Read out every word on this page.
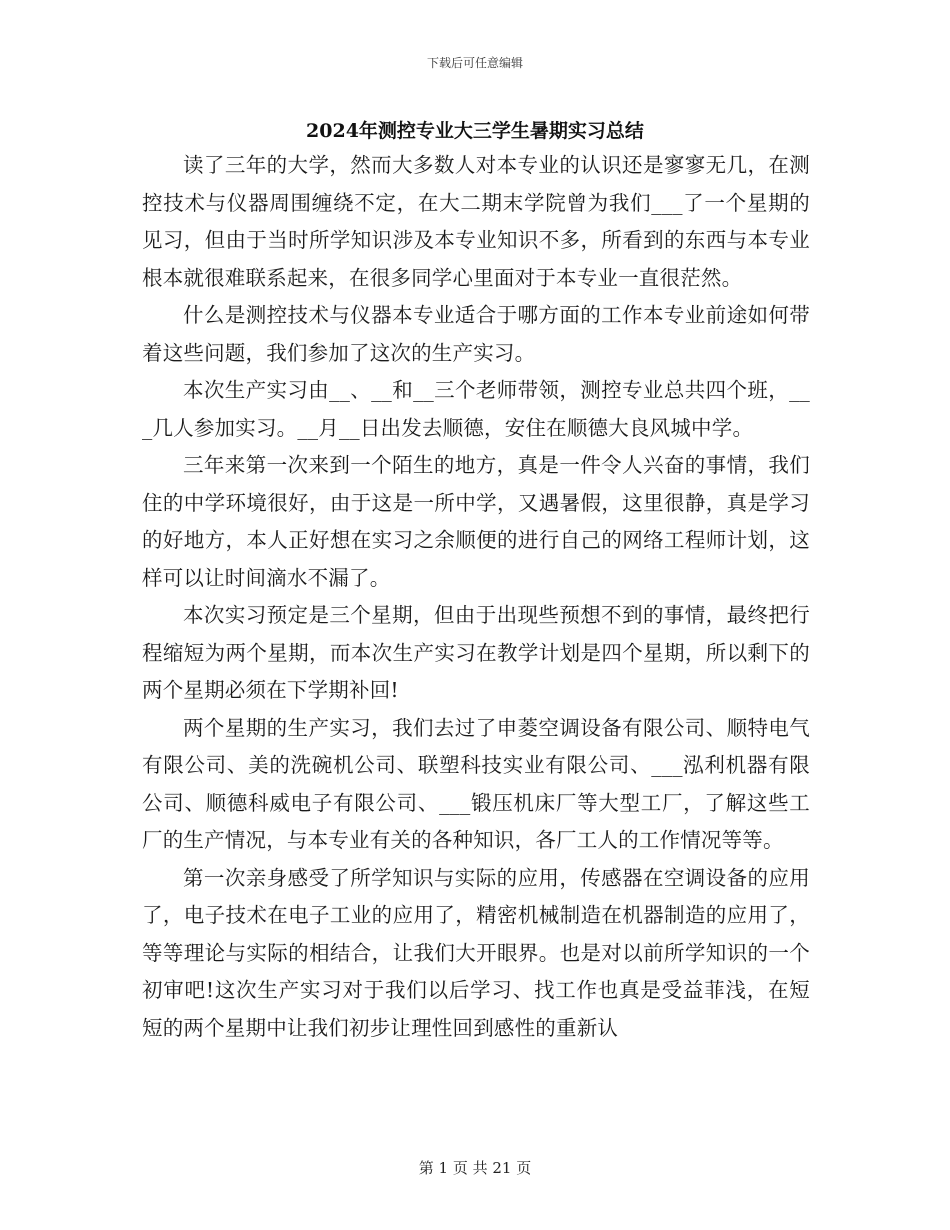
下载后可任意编辑
2024年测控专业大三学生暑期实习总结

读了三年的大学，然而大多数人对本专业的认识还是寥寥无几，在测控技术与仪器周围缠绕不定，在大二期末学院曾为我们___了一个星期的见习，但由于当时所学知识涉及本专业知识不多，所看到的东西与本专业根本就很难联系起来，在很多同学心里面对于本专业一直很茫然。

什么是测控技术与仪器本专业适合于哪方面的工作本专业前途如何带着这些问题，我们参加了这次的生产实习。

本次生产实习由__、__和__三个老师带领，测控专业总共四个班，___几人参加实习。__月__日出发去顺德，安住在顺德大良风城中学。

三年来第一次来到一个陌生的地方，真是一件令人兴奋的事情，我们住的中学环境很好，由于这是一所中学，又遇暑假，这里很静，真是学习的好地方，本人正好想在实习之余顺便的进行自己的网络工程师计划，这样可以让时间滴水不漏了。

本次实习预定是三个星期，但由于出现些预想不到的事情，最终把行程缩短为两个星期，而本次生产实习在教学计划是四个星期，所以剩下的两个星期必须在下学期补回!

两个星期的生产实习，我们去过了申菱空调设备有限公司、顺特电气有限公司、美的洗碗机公司、联塑科技实业有限公司、___泓利机器有限公司、顺德科威电子有限公司、___锻压机床厂等大型工厂，了解这些工厂的生产情况，与本专业有关的各种知识，各厂工人的工作情况等等。

第一次亲身感受了所学知识与实际的应用，传感器在空调设备的应用了，电子技术在电子工业的应用了，精密机械制造在机器制造的应用了，等等理论与实际的相结合，让我们大开眼界。也是对以前所学知识的一个初审吧!这次生产实习对于我们以后学习、找工作也真是受益菲浅，在短短的两个星期中让我们初步让理性回到感性的重新认

第 1 页 共 21 页
